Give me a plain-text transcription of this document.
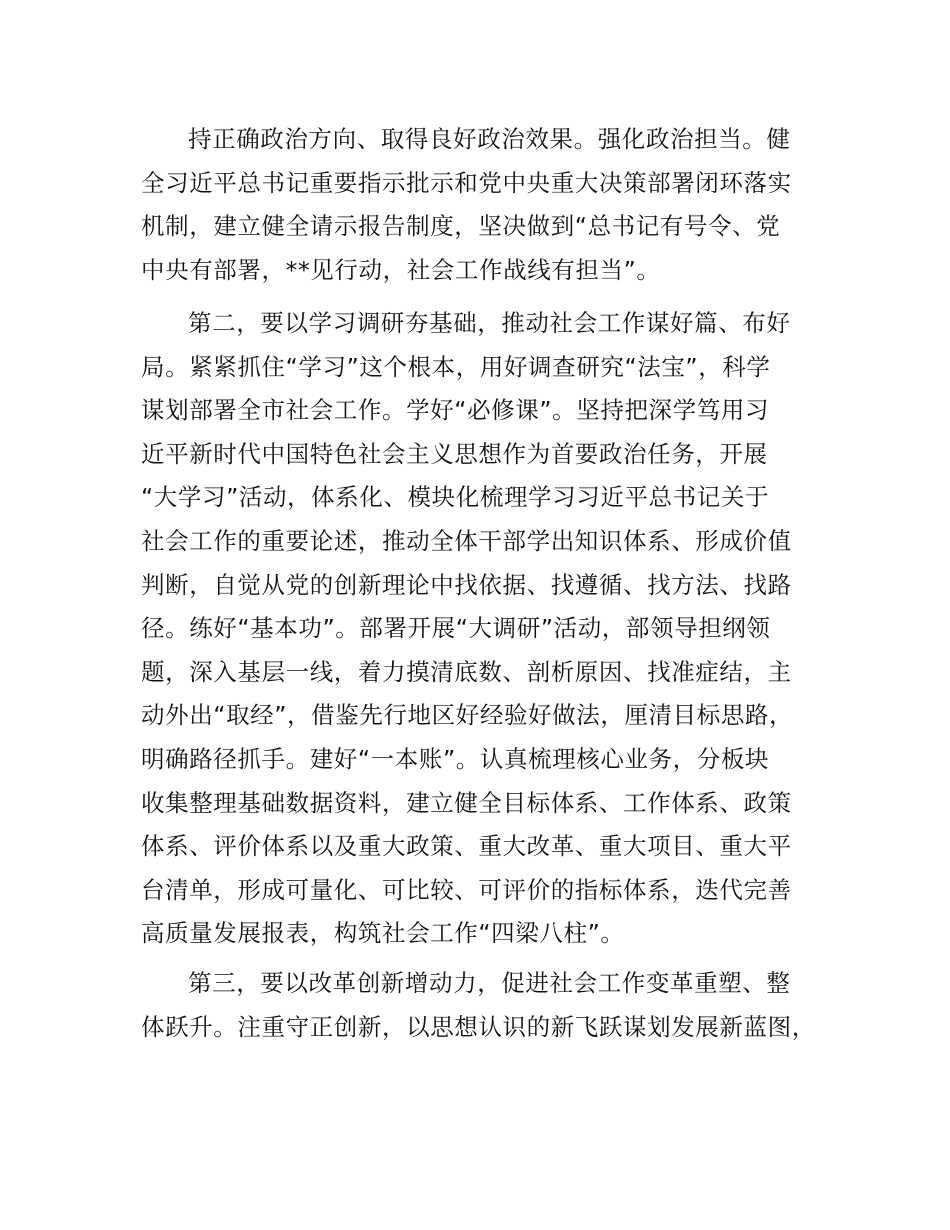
持正确政治方向、取得良好政治效果。强化政治担当。健
全习近平总书记重要指示批示和党中央重大决策部署闭环落实
机制，建立健全请示报告制度，坚决做到“总书记有号令、党
中央有部署，**见行动，社会工作战线有担当”。
第二，要以学习调研夯基础，推动社会工作谋好篇、布好
局。紧紧抓住“学习”这个根本，用好调查研究“法宝”，科学
谋划部署全市社会工作。学好“必修课”。坚持把深学笃用习
近平新时代中国特色社会主义思想作为首要政治任务，开展
“大学习”活动，体系化、模块化梳理学习习近平总书记关于
社会工作的重要论述，推动全体干部学出知识体系、形成价值
判断，自觉从党的创新理论中找依据、找遵循、找方法、找路
径。练好“基本功”。部署开展“大调研”活动，部领导担纲领
题，深入基层一线，着力摸清底数、剖析原因、找准症结，主
动外出“取经”，借鉴先行地区好经验好做法，厘清目标思路，
明确路径抓手。建好“一本账”。认真梳理核心业务，分板块
收集整理基础数据资料，建立健全目标体系、工作体系、政策
体系、评价体系以及重大政策、重大改革、重大项目、重大平
台清单，形成可量化、可比较、可评价的指标体系，迭代完善
高质量发展报表，构筑社会工作“四梁八柱”。
第三，要以改革创新增动力，促进社会工作变革重塑、整
体跃升。注重守正创新，以思想认识的新飞跃谋划发展新蓝图，
